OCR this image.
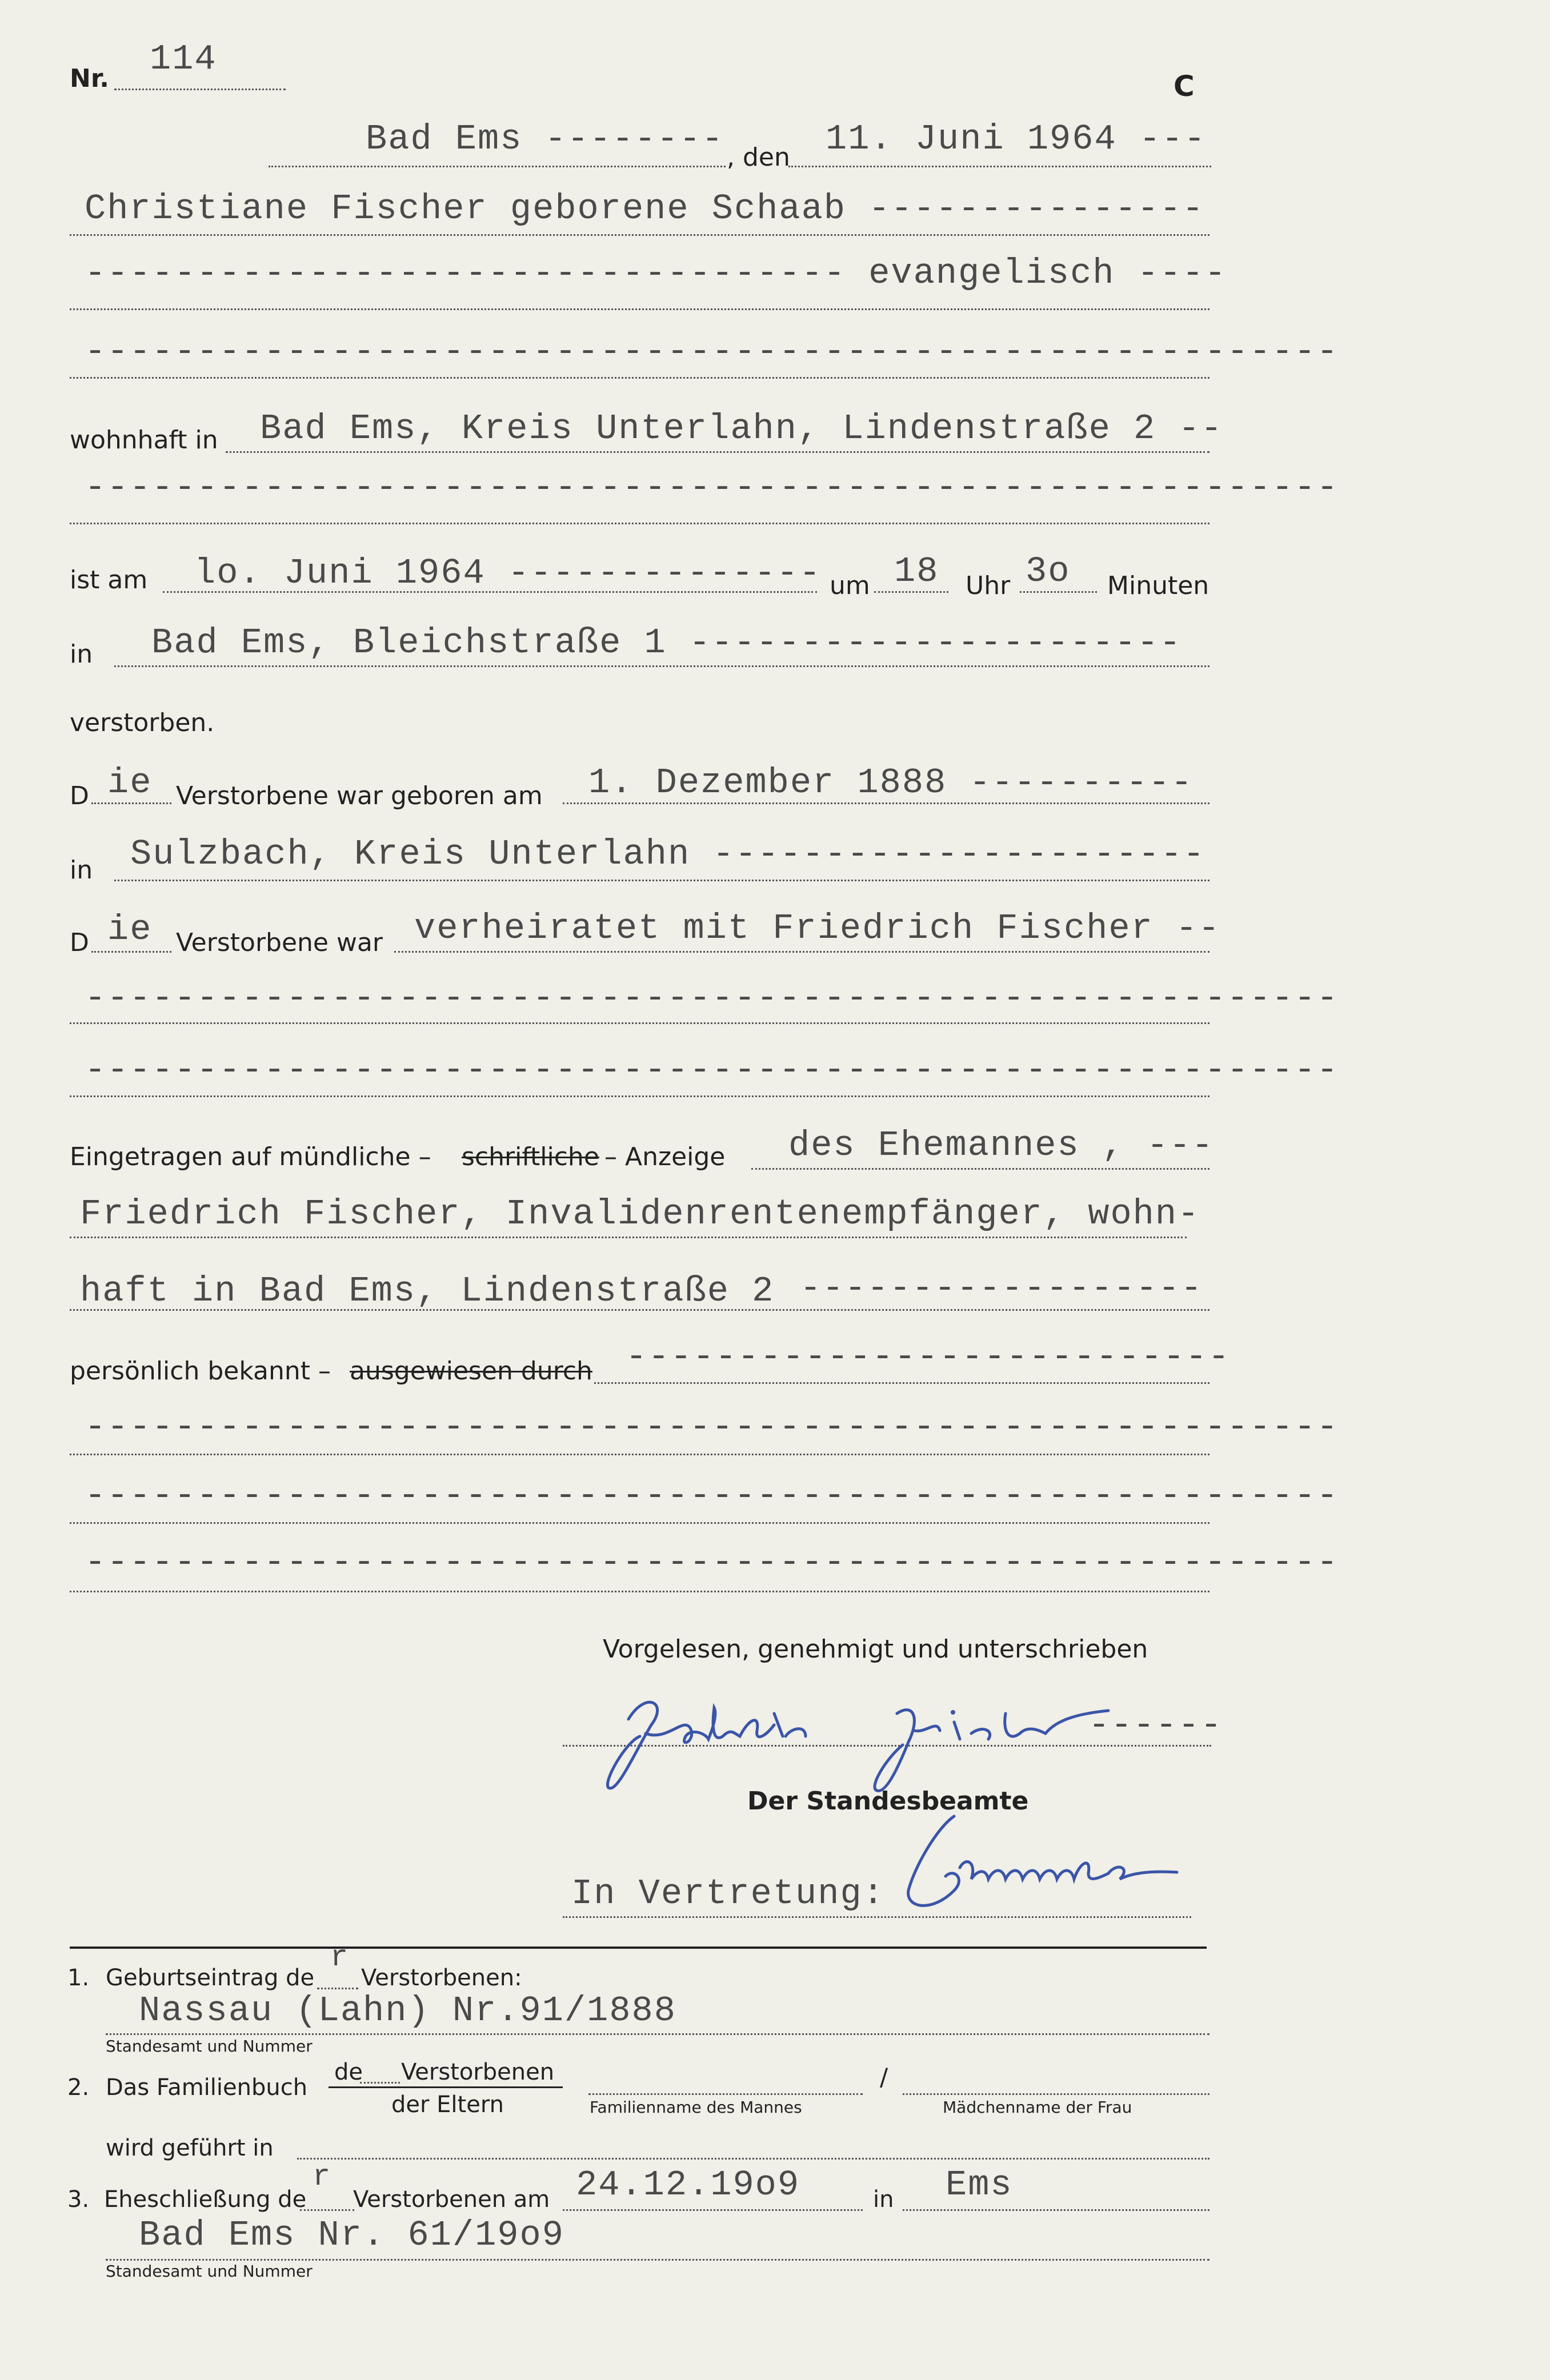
Nr. 114
C
Bad Ems -------- , den 11. Juni 1964 ---
Christiane Fischer geborene Schaab ---------------
---------------------------------- evangelisch ----
--------------------------------------------------------
wohnhaft in Bad Ems, Kreis Unterlahn, Lindenstraße 2 --
--------------------------------------------------------
ist am lo. Juni 1964 -------------- um 18 Uhr 3o Minuten
in Bad Ems, Bleichstraße 1 ----------------------
verstorben.
D ie Verstorbene war geboren am 1. Dezember 1888 ----------
in Sulzbach, Kreis Unterlahn ----------------------
D ie Verstorbene war verheiratet mit Friedrich Fischer --
--------------------------------------------------------
--------------------------------------------------------
Eingetragen auf mündliche – schriftliche – Anzeige des Ehemannes , ---
Friedrich Fischer, Invalidenrentenempfänger, wohn-
haft in Bad Ems, Lindenstraße 2 ------------------
persönlich bekannt – ausgewiesen durch ---------------------------
--------------------------------------------------------
--------------------------------------------------------
--------------------------------------------------------
Vorgelesen, genehmigt und unterschrieben
------
Der Standesbeamte
In Vertretung:
1. Geburtseintrag de
r
Verstorbenen:
Nassau (Lahn) Nr.91/1888
Standesamt und Nummer
2. Das Familienbuch
de Verstorbenen
der Eltern
/
Familienname des Mannes	Mädchenname der Frau
wird geführt in
3. Eheschließung de
r
Verstorbenen am 24.12.19o9	in Ems
Bad Ems Nr. 61/19o9
Standesamt und Nummer
